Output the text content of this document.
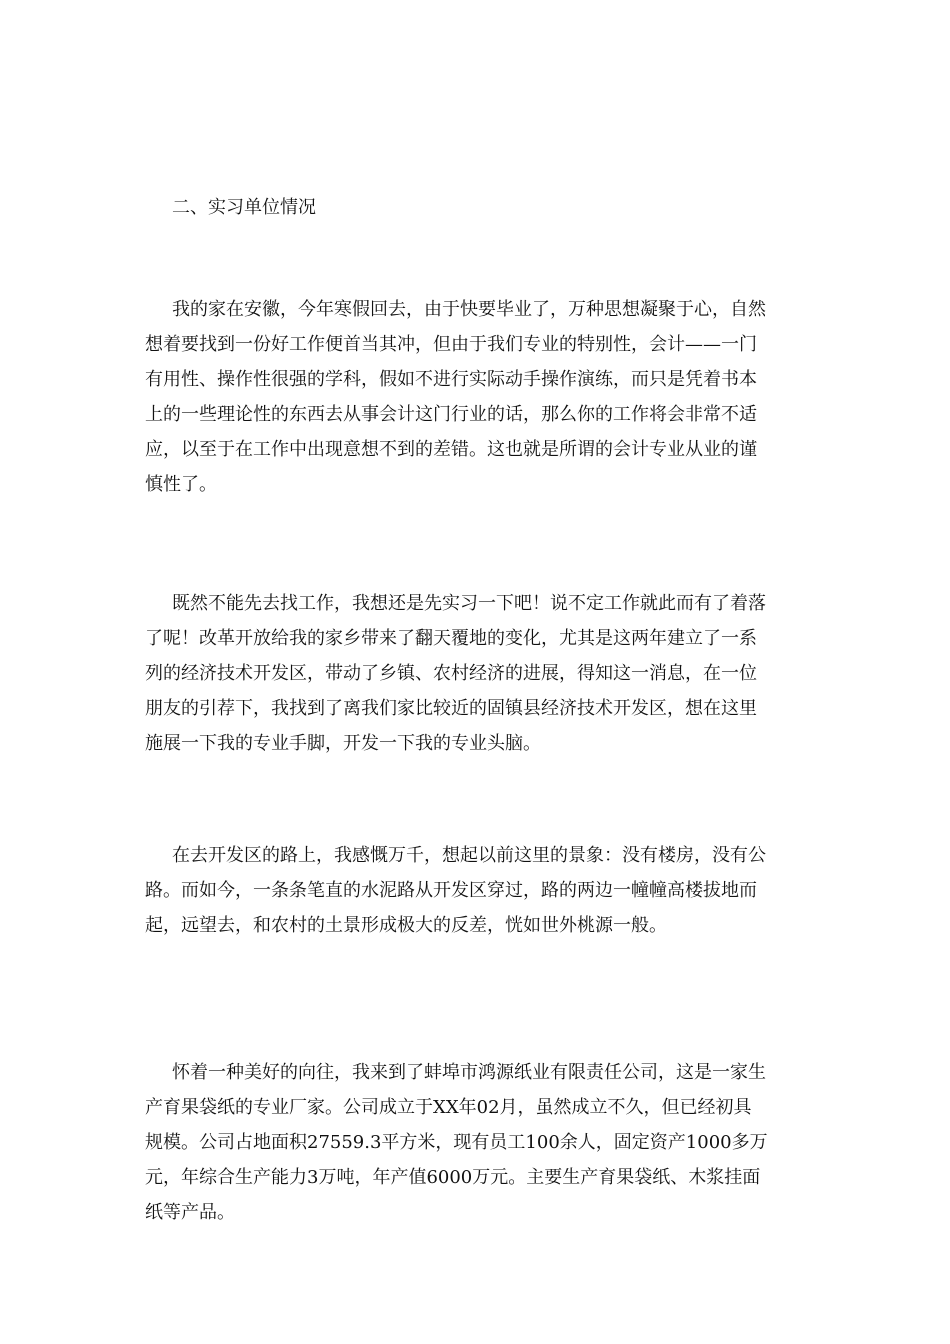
二、实习单位情况
我的家在安徽，今年寒假回去，由于快要毕业了，万种思想凝聚于心，自然
想着要找到一份好工作便首当其冲，但由于我们专业的特别性，会计——一门
有用性、操作性很强的学科，假如不进行实际动手操作演练，而只是凭着书本
上的一些理论性的东西去从事会计这门行业的话，那么你的工作将会非常不适
应，以至于在工作中出现意想不到的差错。这也就是所谓的会计专业从业的谨
慎性了。
既然不能先去找工作，我想还是先实习一下吧！说不定工作就此而有了着落
了呢！改革开放给我的家乡带来了翻天覆地的变化，尤其是这两年建立了一系
列的经济技术开发区，带动了乡镇、农村经济的进展，得知这一消息，在一位
朋友的引荐下，我找到了离我们家比较近的固镇县经济技术开发区，想在这里
施展一下我的专业手脚，开发一下我的专业头脑。
在去开发区的路上，我感慨万千，想起以前这里的景象：没有楼房，没有公
路。而如今，一条条笔直的水泥路从开发区穿过，路的两边一幢幢高楼拔地而
起，远望去，和农村的土景形成极大的反差，恍如世外桃源一般。
怀着一种美好的向往，我来到了蚌埠市鸿源纸业有限责任公司，这是一家生
产育果袋纸的专业厂家。公司成立于XX年02月，虽然成立不久，但已经初具
规模。公司占地面积27559.3平方米，现有员工100余人，固定资产1000多万
元，年综合生产能力3万吨，年产值6000万元。主要生产育果袋纸、木浆挂面
纸等产品。
